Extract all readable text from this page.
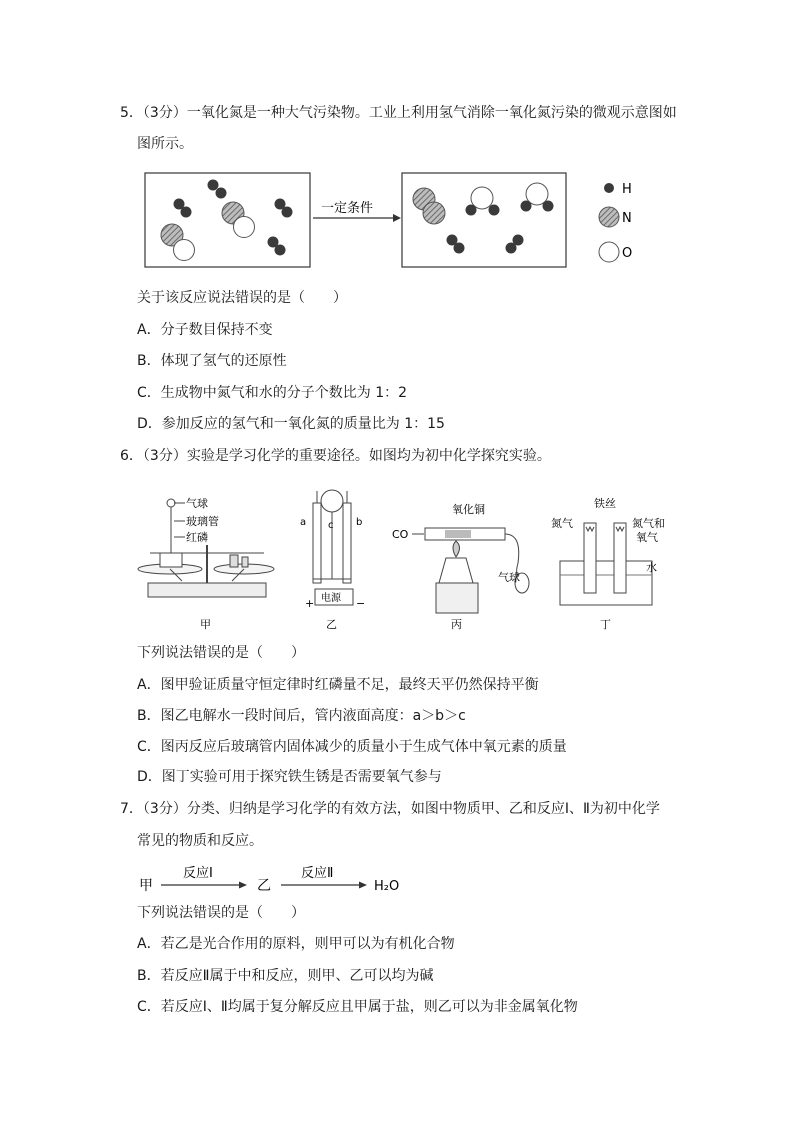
5．（3分）一氧化氮是一种大气污染物。工业上利用氢气消除一氧化氮污染的微观示意图如
图所示。
一定条件
H
N
O
关于该反应说法错误的是（　　）
A．分子数目保持不变
B．体现了氢气的还原性
C．生成物中氮气和水的分子个数比为 1：2
D．参加反应的氢气和一氧化氮的质量比为 1：15
6．（3分）实验是学习化学的重要途径。如图均为初中化学探究实验。
气球
玻璃管
红磷
甲
电源
a	b
c
+	−
乙
CO
氧化铜
气球
丙
铁丝
氮气	氮气和
氧气
水
丁
下列说法错误的是（　　）
A．图甲验证质量守恒定律时红磷量不足，最终天平仍然保持平衡
B．图乙电解水一段时间后，管内液面高度：a＞b＞c
C．图丙反应后玻璃管内固体减少的质量小于生成气体中氧元素的质量
D．图丁实验可用于探究铁生锈是否需要氧气参与
7．（3分）分类、归纳是学习化学的有效方法，如图中物质甲、乙和反应Ⅰ、Ⅱ为初中化学
常见的物质和反应。
甲
反应Ⅰ
乙
反应Ⅱ
H₂O
下列说法错误的是（　　）
A．若乙是光合作用的原料，则甲可以为有机化合物
B．若反应Ⅱ属于中和反应，则甲、乙可以均为碱
C．若反应Ⅰ、Ⅱ均属于复分解反应且甲属于盐，则乙可以为非金属氧化物
